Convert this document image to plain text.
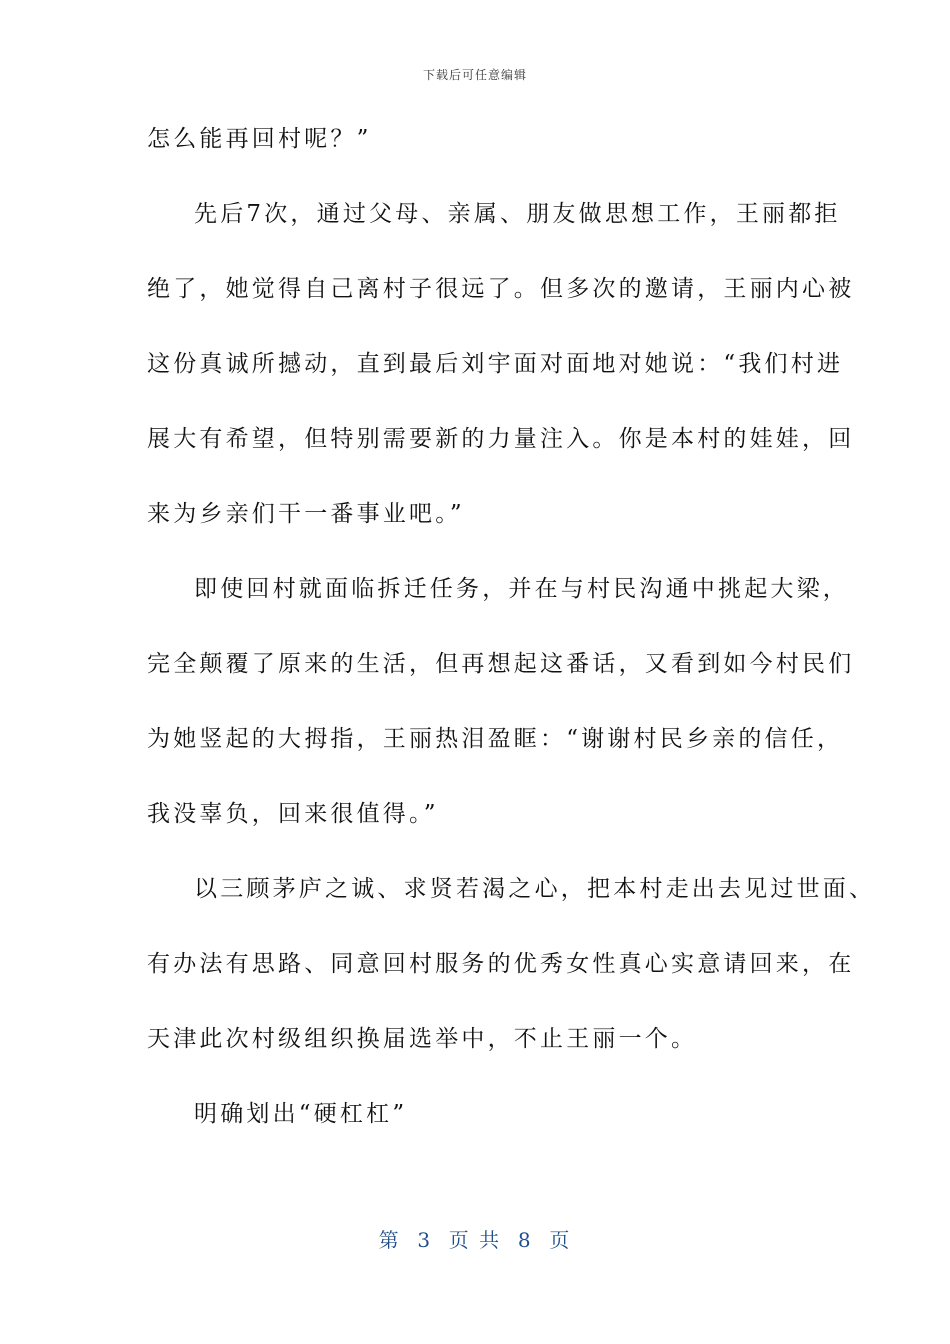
下载后可任意编辑
怎么能再回村呢？”
先后7次，通过父母、亲属、朋友做思想工作，王丽都拒
绝了，她觉得自己离村子很远了。但多次的邀请，王丽内心被
这份真诚所撼动，直到最后刘宇面对面地对她说：“我们村进
展大有希望，但特别需要新的力量注入。你是本村的娃娃，回
来为乡亲们干一番事业吧。”
即使回村就面临拆迁任务，并在与村民沟通中挑起大梁，
完全颠覆了原来的生活，但再想起这番话，又看到如今村民们
为她竖起的大拇指，王丽热泪盈眶：“谢谢村民乡亲的信任，
我没辜负，回来很值得。”
以三顾茅庐之诚、求贤若渴之心，把本村走出去见过世面、
有办法有思路、同意回村服务的优秀女性真心实意请回来，在
天津此次村级组织换届选举中，不止王丽一个。
明确划出“硬杠杠”
第  3  页 共  8  页
